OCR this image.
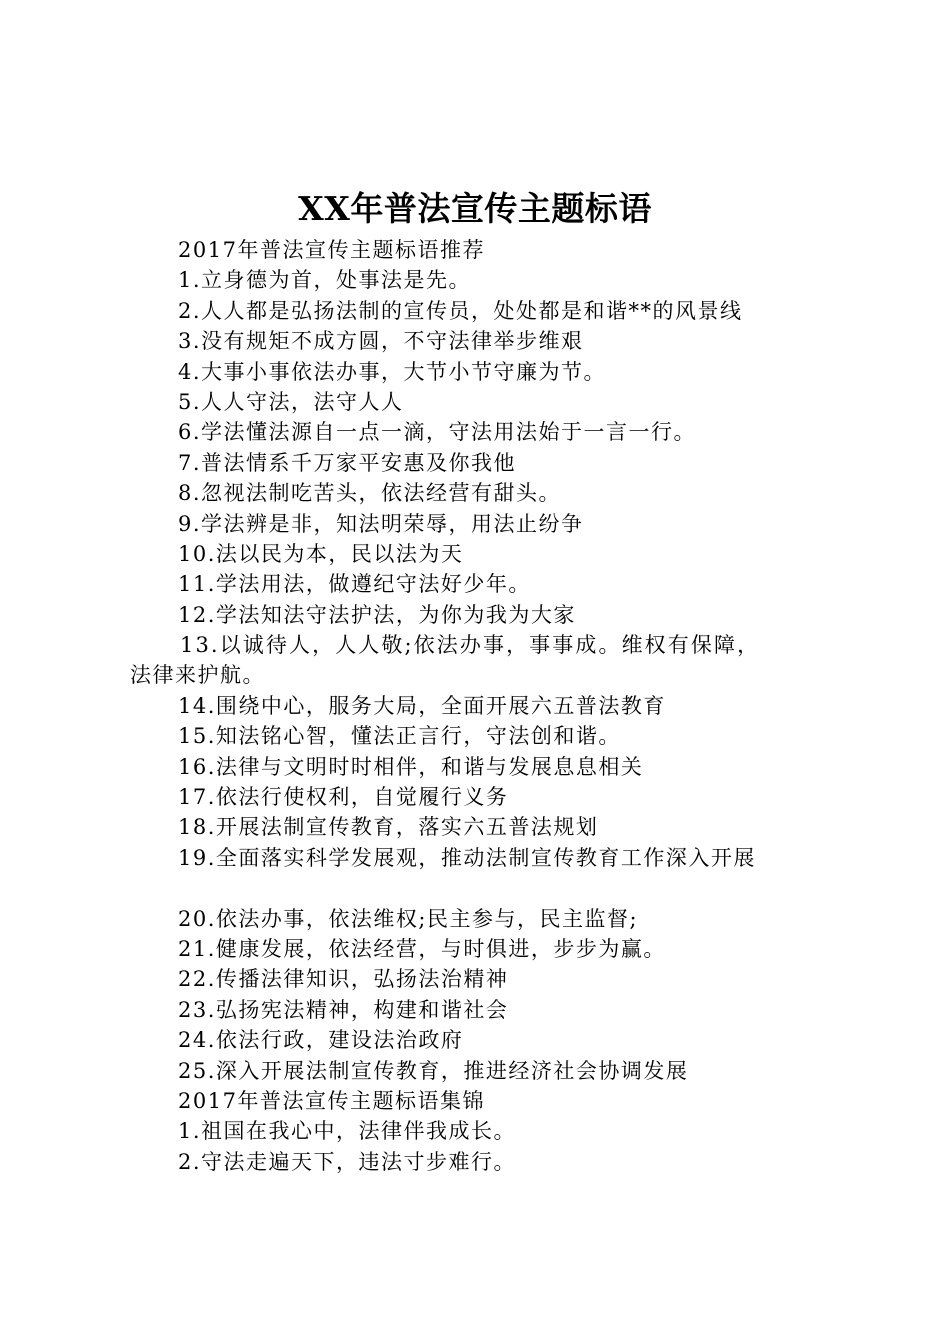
XX年普法宣传主题标语
2017年普法宣传主题标语推荐
1.立身德为首，处事法是先。
2.人人都是弘扬法制的宣传员，处处都是和谐**的风景线
3.没有规矩不成方圆，不守法律举步维艰
4.大事小事依法办事，大节小节守廉为节。
5.人人守法，法守人人
6.学法懂法源自一点一滴，守法用法始于一言一行。
7.普法情系千万家平安惠及你我他
8.忽视法制吃苦头，依法经营有甜头。
9.学法辨是非，知法明荣辱，用法止纷争
10.法以民为本，民以法为天
11.学法用法，做遵纪守法好少年。
12.学法知法守法护法，为你为我为大家
13.以诚待人，人人敬;依法办事，事事成。维权有保障，
法律来护航。
14.围绕中心，服务大局，全面开展六五普法教育
15.知法铭心智，懂法正言行，守法创和谐。
16.法律与文明时时相伴，和谐与发展息息相关
17.依法行使权利，自觉履行义务
18.开展法制宣传教育，落实六五普法规划
19.全面落实科学发展观，推动法制宣传教育工作深入开展
20.依法办事，依法维权;民主参与，民主监督;
21.健康发展，依法经营，与时俱进，步步为赢。
22.传播法律知识，弘扬法治精神
23.弘扬宪法精神，构建和谐社会
24.依法行政，建设法治政府
25.深入开展法制宣传教育，推进经济社会协调发展
2017年普法宣传主题标语集锦
1.祖国在我心中，法律伴我成长。
2.守法走遍天下，违法寸步难行。
